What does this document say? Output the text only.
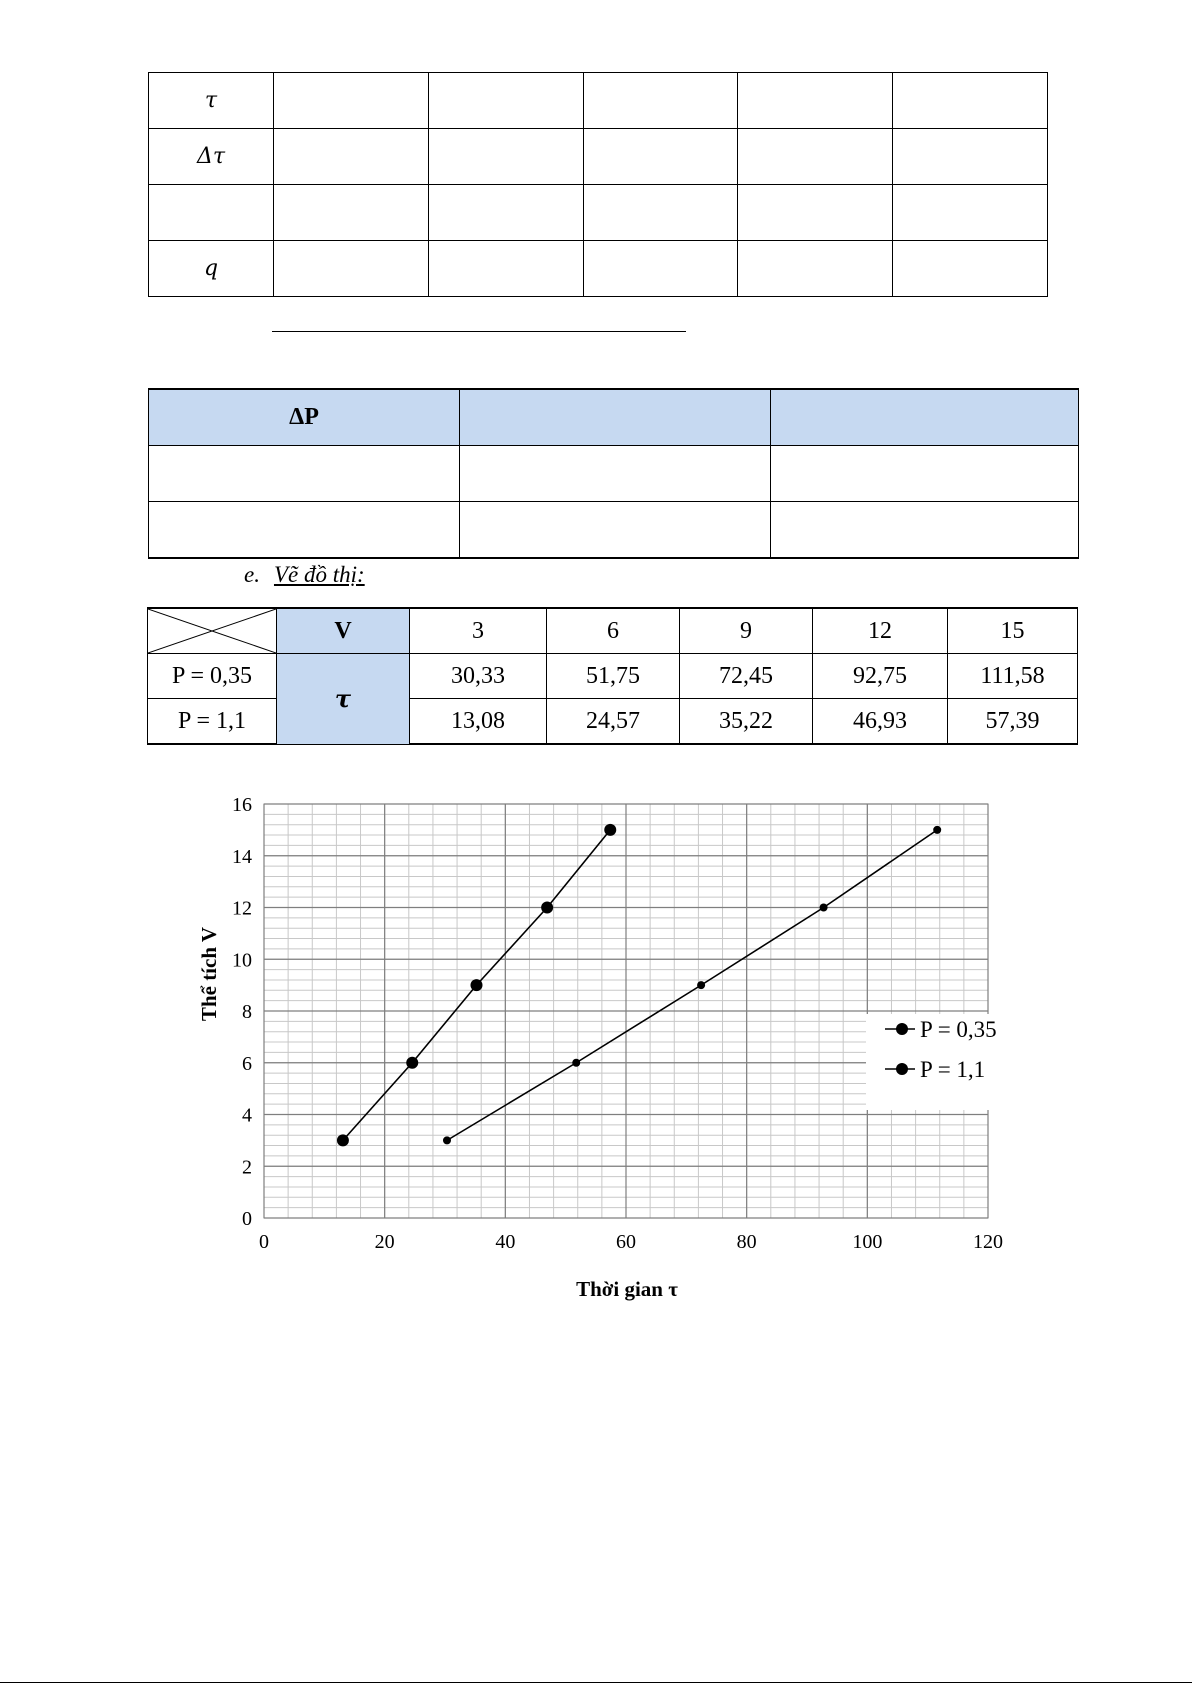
τ					
Δτ					

q					
ΔP		

e. Vẽ đồ thị:
	V	3	6	9	12	15
P = 0,35	τ	30,33	51,75	72,45	92,75	111,58
P = 1,1		13,08	24,57	35,22	46,93	57,39
0	20	40	60	80	100	120
0
2
4
6
8
10
12
14
16
Thời gian τ
Thể tích V
P = 0,35
P = 1,1
